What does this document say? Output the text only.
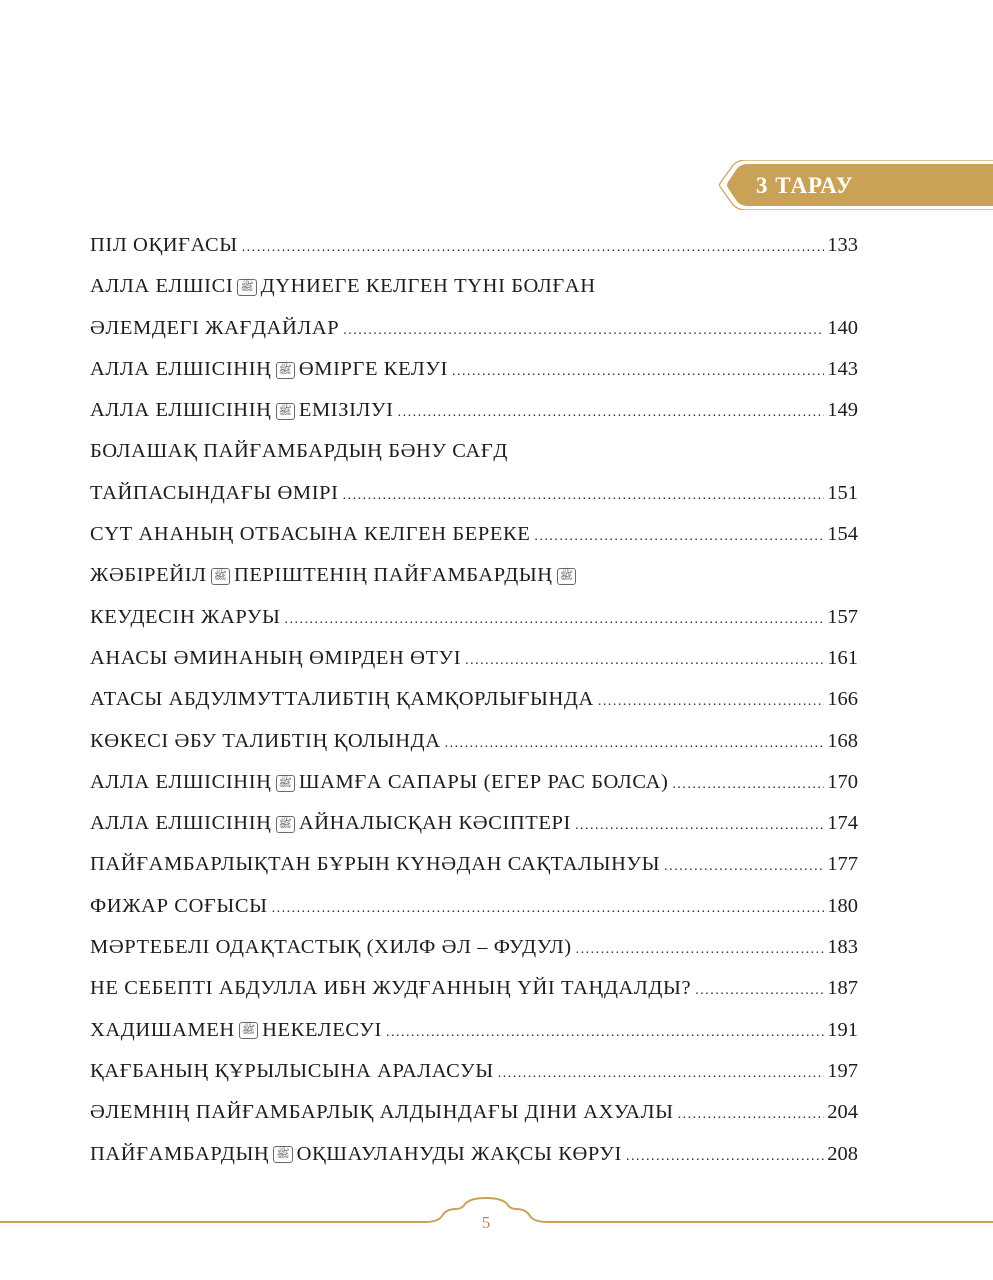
3 ТАРАУ
ПІЛ ОҚИҒАСЫ .....	133
АЛЛА ЕЛШІСІ ﷺ ДҮНИЕГЕ КЕЛГЕН ТҮНІ БОЛҒАН
ӘЛЕМДЕГІ ЖАҒДАЙЛАР .....	140
АЛЛА ЕЛШІСІНІҢ ﷺ ӨМІРГЕ КЕЛУІ .....	143
АЛЛА ЕЛШІСІНІҢ ﷺ ЕМІЗІЛУІ .....	149
БОЛАШАҚ ПАЙҒАМБАРДЫҢ БӘНУ САҒД
ТАЙПАСЫНДАҒЫ ӨМІРІ .....	151
СҮТ АНАНЫҢ ОТБАСЫНА КЕЛГЕН БЕРЕКЕ .....	154
ЖӘБІРЕЙІЛ ﷺ ПЕРІШТЕНІҢ ПАЙҒАМБАРДЫҢ ﷺ
КЕУДЕСІН ЖАРУЫ .....	157
АНАСЫ ӘМИНАНЫҢ ӨМІРДЕН ӨТУІ .....	161
АТАСЫ АБДУЛМУТТАЛИБТІҢ ҚАМҚОРЛЫҒЫНДА .....	166
КӨКЕСІ ӘБУ ТАЛИБТІҢ ҚОЛЫНДА .....	168
АЛЛА ЕЛШІСІНІҢ ﷺ ШАМҒА САПАРЫ (ЕГЕР РАС БОЛСА) .....	170
АЛЛА ЕЛШІСІНІҢ ﷺ АЙНАЛЫСҚАН КӘСІПТЕРІ .....	174
ПАЙҒАМБАРЛЫҚТАН БҰРЫН КҮНӘДАН САҚТАЛЫНУЫ .....	177
ФИЖАР СОҒЫСЫ .....	180
МӘРТЕБЕЛІ ОДАҚТАСТЫҚ (ХИЛФ ӘЛ – ФУДУЛ) .....	183
НЕ СЕБЕПТІ АБДУЛЛА ИБН ЖУДҒАННЫҢ ҮЙІ ТАҢДАЛДЫ? .....	187
ХАДИШАМЕН ﷺ НЕКЕЛЕСУІ .....	191
ҚАҒБАНЫҢ ҚҰРЫЛЫСЫНА АРАЛАСУЫ .....	197
ӘЛЕМНІҢ ПАЙҒАМБАРЛЫҚ АЛДЫНДАҒЫ ДІНИ АХУАЛЫ .....	204
ПАЙҒАМБАРДЫҢ ﷺ ОҚШАУЛАНУДЫ ЖАҚСЫ КӨРУІ .....	208
5
